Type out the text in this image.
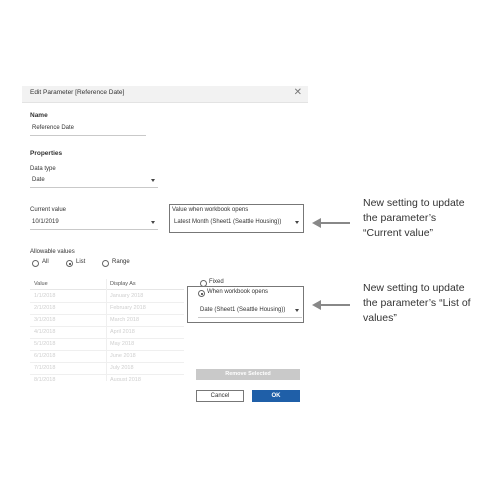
Edit Parameter [Reference Date]	✕
Name
Reference Date
Properties
Data type
Date
Current value
10/1/2019
Value when workbook opens
Latest Month (Sheet1 (Seattle Housing))
Allowable values
All	List	Range
Value	Display As
1/1/2018	January 2018
2/1/2018	February 2018
3/1/2018	March 2018
4/1/2018	April 2018
5/1/2018	May 2018
6/1/2018	June 2018
7/1/2018	July 2018
8/1/2018	August 2018
Fixed
When workbook opens
Date (Sheet1 (Seattle Housing))
Remove Selected
Cancel	OK
New setting to update
the parameter’s
“Current value”
New setting to update
the parameter’s “List of
values”
